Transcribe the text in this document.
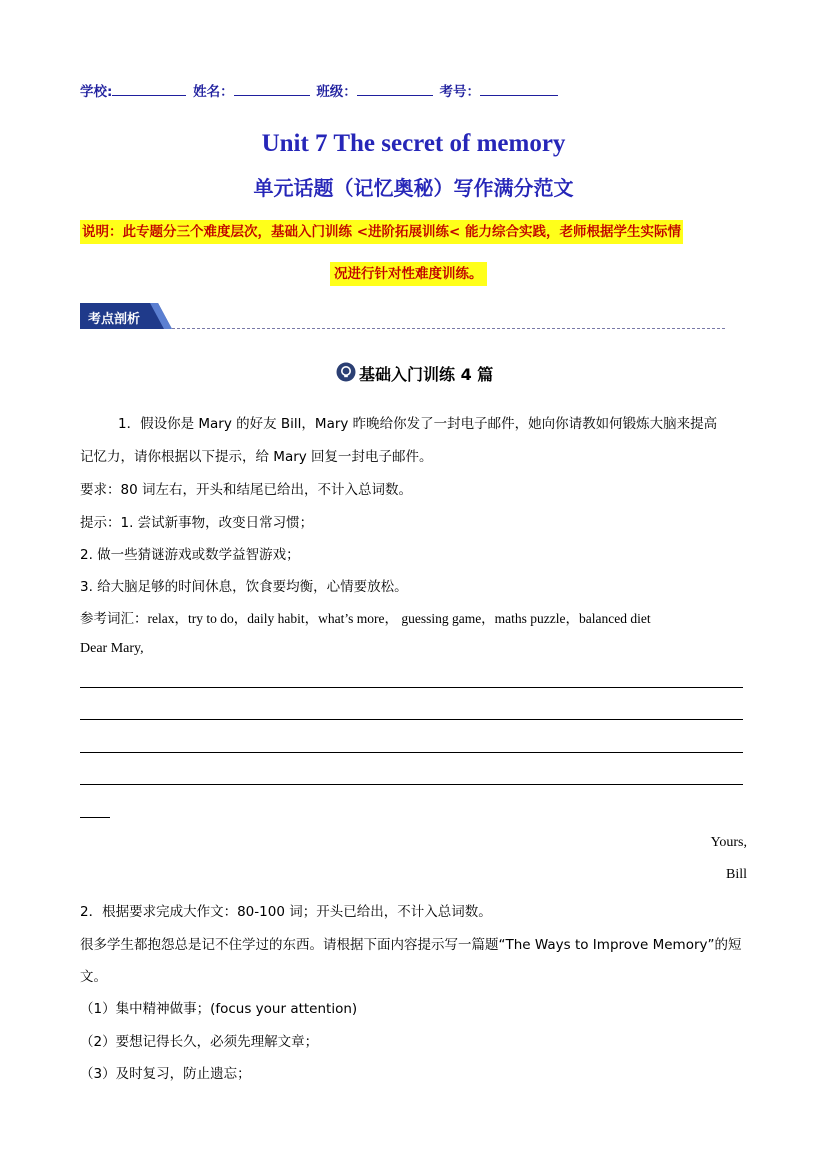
学校:	姓名：	班级：	考号：
Unit 7 The secret of memory
单元话题（记忆奥秘）写作满分范文
说明：此专题分三个难度层次，基础入门训练 <进阶拓展训练< 能力综合实践，老师根据学生实际情
况进行针对性难度训练。
考点剖析
基础入门训练 4 篇
1．假设你是 Mary 的好友 Bill，Mary 昨晚给你发了一封电子邮件，她向你请教如何锻炼大脑来提高
记忆力，请你根据以下提示，给 Mary 回复一封电子邮件。
要求：80 词左右，开头和结尾已给出，不计入总词数。
提示：1. 尝试新事物，改变日常习惯；
2. 做一些猜谜游戏或数学益智游戏；
3. 给大脑足够的时间休息，饮食要均衡，心情要放松。
参考词汇：relax，try to do，daily habit，what’s more， guessing game，maths puzzle，balanced diet
Dear Mary,
Yours,
Bill
2．根据要求完成大作文：80-100 词；开头已给出，不计入总词数。
很多学生都抱怨总是记不住学过的东西。请根据下面内容提示写一篇题“The Ways to Improve Memory”的短
文。
（1）集中精神做事；(focus your attention)
（2）要想记得长久，必须先理解文章；
（3）及时复习，防止遗忘；
